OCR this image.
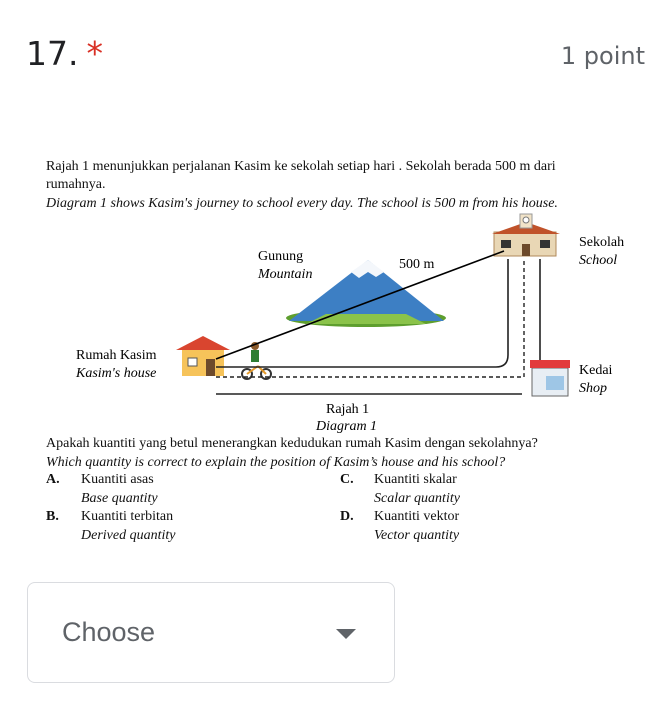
17. *	1 point
Rajah 1 menunjukkan perjalanan Kasim ke sekolah setiap hari . Sekolah berada 500 m dari
rumahnya.
Diagram 1 shows Kasim's journey to school every day. The school is 500 m from his house.
Gunung
Mountain
500 m
Sekolah
School
Rumah Kasim
Kasim's house	Kedai
Shop
Rajah 1
Diagram 1
Apakah kuantiti yang betul menerangkan kedudukan rumah Kasim dengan sekolahnya?
Which quantity is correct to explain the position of Kasim’s house and his school?
A. Kuantiti asas
Base quantity
B. Kuantiti terbitan
Derived quantity
C. Kuantiti skalar
Scalar quantity
D. Kuantiti vektor
Vector quantity
Choose
